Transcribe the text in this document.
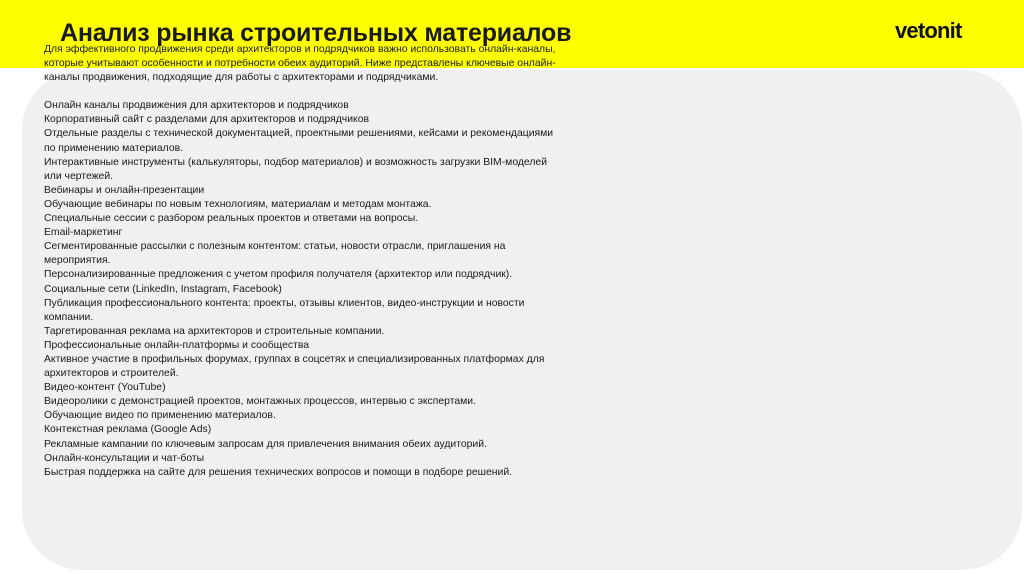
Анализ рынка строительных материалов	vetonit

Для эффективного продвижения среди архитекторов и подрядчиков важно использовать онлайн-каналы, которые учитывают особенности и потребности обеих аудиторий. Ниже представлены ключевые онлайн-каналы продвижения, подходящие для работы с архитекторами и подрядчиками.

Онлайн каналы продвижения для архитекторов и подрядчиков

Корпоративный сайт с разделами для архитекторов и подрядчиков

Отдельные разделы с технической документацией, проектными решениями, кейсами и рекомендациями по применению материалов.

Интерактивные инструменты (калькуляторы, подбор материалов) и возможность загрузки BIM-моделей или чертежей.

Вебинары и онлайн-презентации

Обучающие вебинары по новым технологиям, материалам и методам монтажа.

Специальные сессии с разбором реальных проектов и ответами на вопросы.

Email-маркетинг

Сегментированные рассылки с полезным контентом: статьи, новости отрасли, приглашения на мероприятия.

Персонализированные предложения с учетом профиля получателя (архитектор или подрядчик).

Социальные сети (LinkedIn, Instagram, Facebook)

Публикация профессионального контента: проекты, отзывы клиентов, видео-инструкции и новости компании.

Таргетированная реклама на архитекторов и строительные компании.

Профессиональные онлайн-платформы и сообщества

Активное участие в профильных форумах, группах в соцсетях и специализированных платформах для архитекторов и строителей.

Видео-контент (YouTube)

Видеоролики с демонстрацией проектов, монтажных процессов, интервью с экспертами.

Обучающие видео по применению материалов.

Контекстная реклама (Google Ads)

Рекламные кампании по ключевым запросам для привлечения внимания обеих аудиторий.

Онлайн-консультации и чат-боты

Быстрая поддержка на сайте для решения технических вопросов и помощи в подборе решений.
